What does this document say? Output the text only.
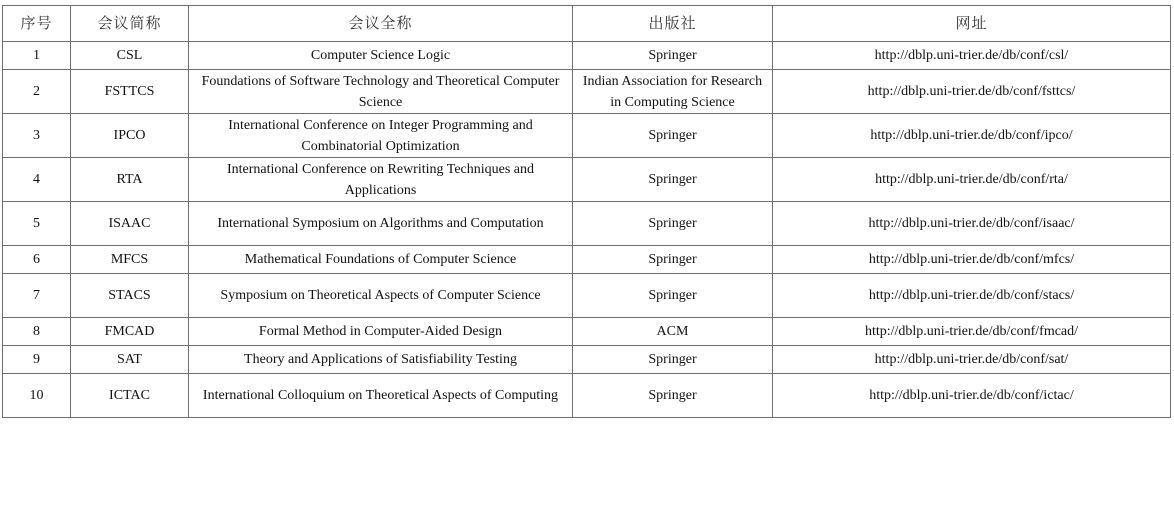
序号	会议简称	会议全称	出版社	网址
1	CSL	Computer Science Logic	Springer	http://dblp.uni-trier.de/db/conf/csl/
2	FSTTCS	Foundations of Software Technology and Theoretical Computer Science	Indian Association for Research in Computing Science	http://dblp.uni-trier.de/db/conf/fsttcs/
3	IPCO	International Conference on Integer Programming and Combinatorial Optimization	Springer	http://dblp.uni-trier.de/db/conf/ipco/
4	RTA	International Conference on Rewriting Techniques and Applications	Springer	http://dblp.uni-trier.de/db/conf/rta/
5	ISAAC	International Symposium on Algorithms and Computation	Springer	http://dblp.uni-trier.de/db/conf/isaac/
6	MFCS	Mathematical Foundations of Computer Science	Springer	http://dblp.uni-trier.de/db/conf/mfcs/
7	STACS	Symposium on Theoretical Aspects of Computer Science	Springer	http://dblp.uni-trier.de/db/conf/stacs/
8	FMCAD	Formal Method in Computer-Aided Design	ACM	http://dblp.uni-trier.de/db/conf/fmcad/
9	SAT	Theory and Applications of Satisfiability Testing	Springer	http://dblp.uni-trier.de/db/conf/sat/
10	ICTAC	International Colloquium on Theoretical Aspects of Computing	Springer	http://dblp.uni-trier.de/db/conf/ictac/
